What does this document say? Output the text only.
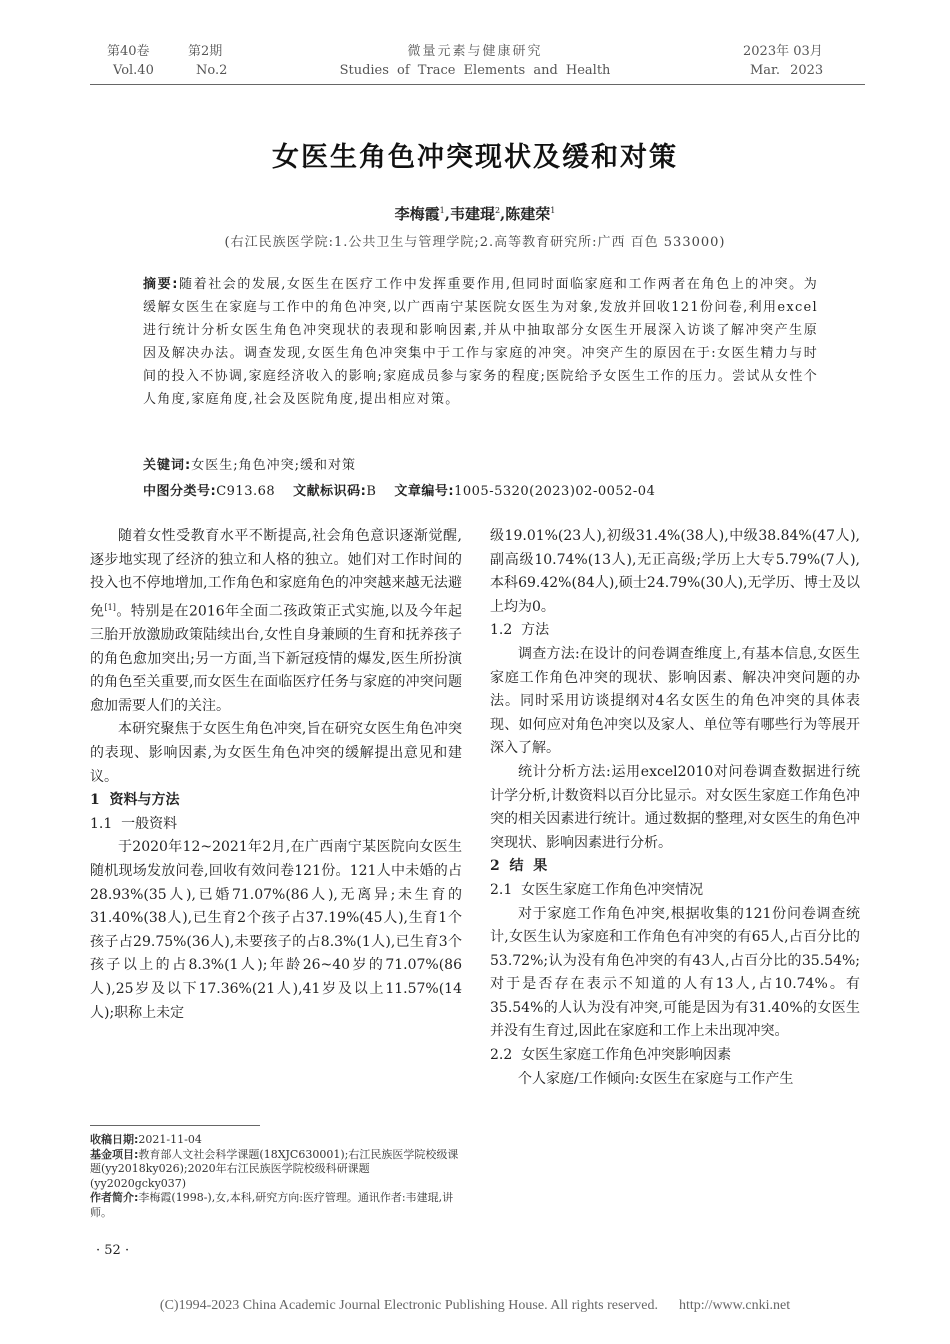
第40卷
Vol.40
第2期
No.2
微量元素与健康研究
Studies of Trace Elements and Health
2023年 03月
Mar. 2023
女医生角色冲突现状及缓和对策
李梅霞$^1$,韦建琨$^2$,陈建荣$^1$
(右江民族医学院:1.公共卫生与管理学院;2.高等教育研究所:广西 百色 533000)
摘要:随着社会的发展,女医生在医疗工作中发挥重要作用,但同时面临家庭和工作两者在角色上的冲突。为缓解女医生在家庭与工作中的角色冲突,以广西南宁某医院女医生为对象,发放并回收121份问卷,利用excel进行统计分析女医生角色冲突现状的表现和影响因素,并从中抽取部分女医生开展深入访谈了解冲突产生原因及解决办法。调查发现,女医生角色冲突集中于工作与家庭的冲突。冲突产生的原因在于:女医生精力与时间的投入不协调,家庭经济收入的影响;家庭成员参与家务的程度;医院给予女医生工作的压力。尝试从女性个人角度,家庭角度,社会及医院角度,提出相应对策。
关键词:女医生;角色冲突;缓和对策
中图分类号:C913.68 文献标识码:B 文章编号:1005-5320(2023)02-0052-04

随着女性受教育水平不断提高,社会角色意识逐渐觉醒,逐步地实现了经济的独立和人格的独立。她们对工作时间的投入也不停地增加,工作角色和家庭角色的冲突越来越无法避免[1]。特别是在2016年全面二孩政策正式实施,以及今年起三胎开放激励政策陆续出台,女性自身兼顾的生育和抚养孩子的角色愈加突出;另一方面,当下新冠疫情的爆发,医生所扮演的角色至关重要,而女医生在面临医疗任务与家庭的冲突问题愈加需要人们的关注。

本研究聚焦于女医生角色冲突,旨在研究女医生角色冲突的表现、影响因素,为女医生角色冲突的缓解提出意见和建议。

1  资料与方法

1.1  一般资料

于2020年12~2021年2月,在广西南宁某医院向女医生随机现场发放问卷,回收有效问卷121份。121人中未婚的占28.93%(35人),已婚71.07%(86人),无离异;未生育的31.40%(38人),已生育2个孩子占37.19%(45人),生育1个孩子占29.75%(36人),未要孩子的占8.3%(1人),已生育3个孩子以上的占8.3%(1人);年龄26~40岁的71.07%(86人),25岁及以下17.36%(21人),41岁及以上11.57%(14人);职称上未定

级19.01%(23人),初级31.4%(38人),中级38.84%(47人),副高级10.74%(13人),无正高级;学历上大专5.79%(7人),本科69.42%(84人),硕士24.79%(30人),无学历、博士及以上均为0。

1.2  方法

调查方法:在设计的问卷调查维度上,有基本信息,女医生家庭工作角色冲突的现状、影响因素、解决冲突问题的办法。同时采用访谈提纲对4名女医生的角色冲突的具体表现、如何应对角色冲突以及家人、单位等有哪些行为等展开深入了解。

统计分析方法:运用excel2010对问卷调查数据进行统计学分析,计数资料以百分比显示。对女医生家庭工作角色冲突的相关因素进行统计。通过数据的整理,对女医生的角色冲突现状、影响因素进行分析。

2  结  果

2.1  女医生家庭工作角色冲突情况

对于家庭工作角色冲突,根据收集的121份问卷调查统计,女医生认为家庭和工作角色有冲突的有65人,占百分比的53.72%;认为没有角色冲突的有43人,占百分比的35.54%;对于是否存在表示不知道的人有13人,占10.74%。有35.54%的人认为没有冲突,可能是因为有31.40%的女医生并没有生育过,因此在家庭和工作上未出现冲突。

2.2  女医生家庭工作角色冲突影响因素

个人家庭/工作倾向:女医生在家庭与工作产生

收稿日期:2021-11-04
基金项目:教育部人文社会科学课题(18XJC630001);右江民族医学院校级课题(yy2018ky026);2020年右江民族医学院校级科研课题(yy2020gcky037)
作者简介:李梅霞(1998-),女,本科,研究方向:医疗管理。通讯作者:韦建琨,讲师。
· 52 ·
(C)1994-2023 China Academic Journal Electronic Publishing House. All rights reserved. http://www.cnki.net
